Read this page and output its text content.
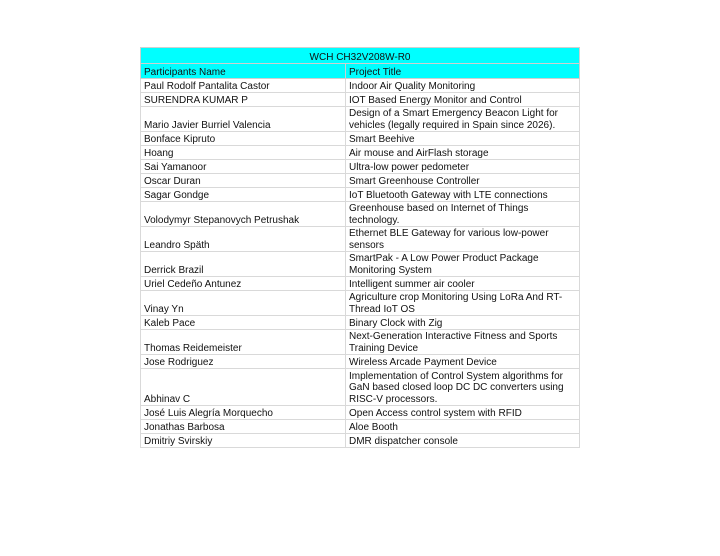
WCH CH32V208W-R0	
Participants Name	Project Title
Paul Rodolf Pantalita Castor	Indoor Air Quality Monitoring
SURENDRA KUMAR P	IOT Based Energy Monitor and Control
Mario Javier Burriel Valencia	Design of a Smart Emergency Beacon Light for vehicles (legally required in Spain since 2026).
Bonface Kipruto	Smart Beehive
Hoang	Air mouse and AirFlash storage
Sai Yamanoor	Ultra-low power pedometer
Oscar Duran	Smart Greenhouse Controller
Sagar Gondge	IoT Bluetooth Gateway with LTE connections
Volodymyr Stepanovych Petrushak	Greenhouse based on Internet of Things technology.
Leandro Späth	Ethernet BLE Gateway for various low-power sensors
Derrick Brazil	SmartPak - A Low Power Product Package Monitoring System
Uriel Cedeño Antunez	Intelligent summer air cooler
Vinay Yn	Agriculture crop Monitoring Using LoRa And RT-Thread IoT OS
Kaleb Pace	Binary Clock with Zig
Thomas Reidemeister	Next-Generation Interactive Fitness and Sports Training Device
Jose Rodriguez	Wireless Arcade Payment Device
Abhinav C	Implementation of Control System algorithms for GaN based closed loop DC DC converters using RISC-V processors.
José Luis Alegría Morquecho	Open Access control system with RFID
Jonathas Barbosa	Aloe Booth
Dmitriy Svirskiy	DMR dispatcher console
